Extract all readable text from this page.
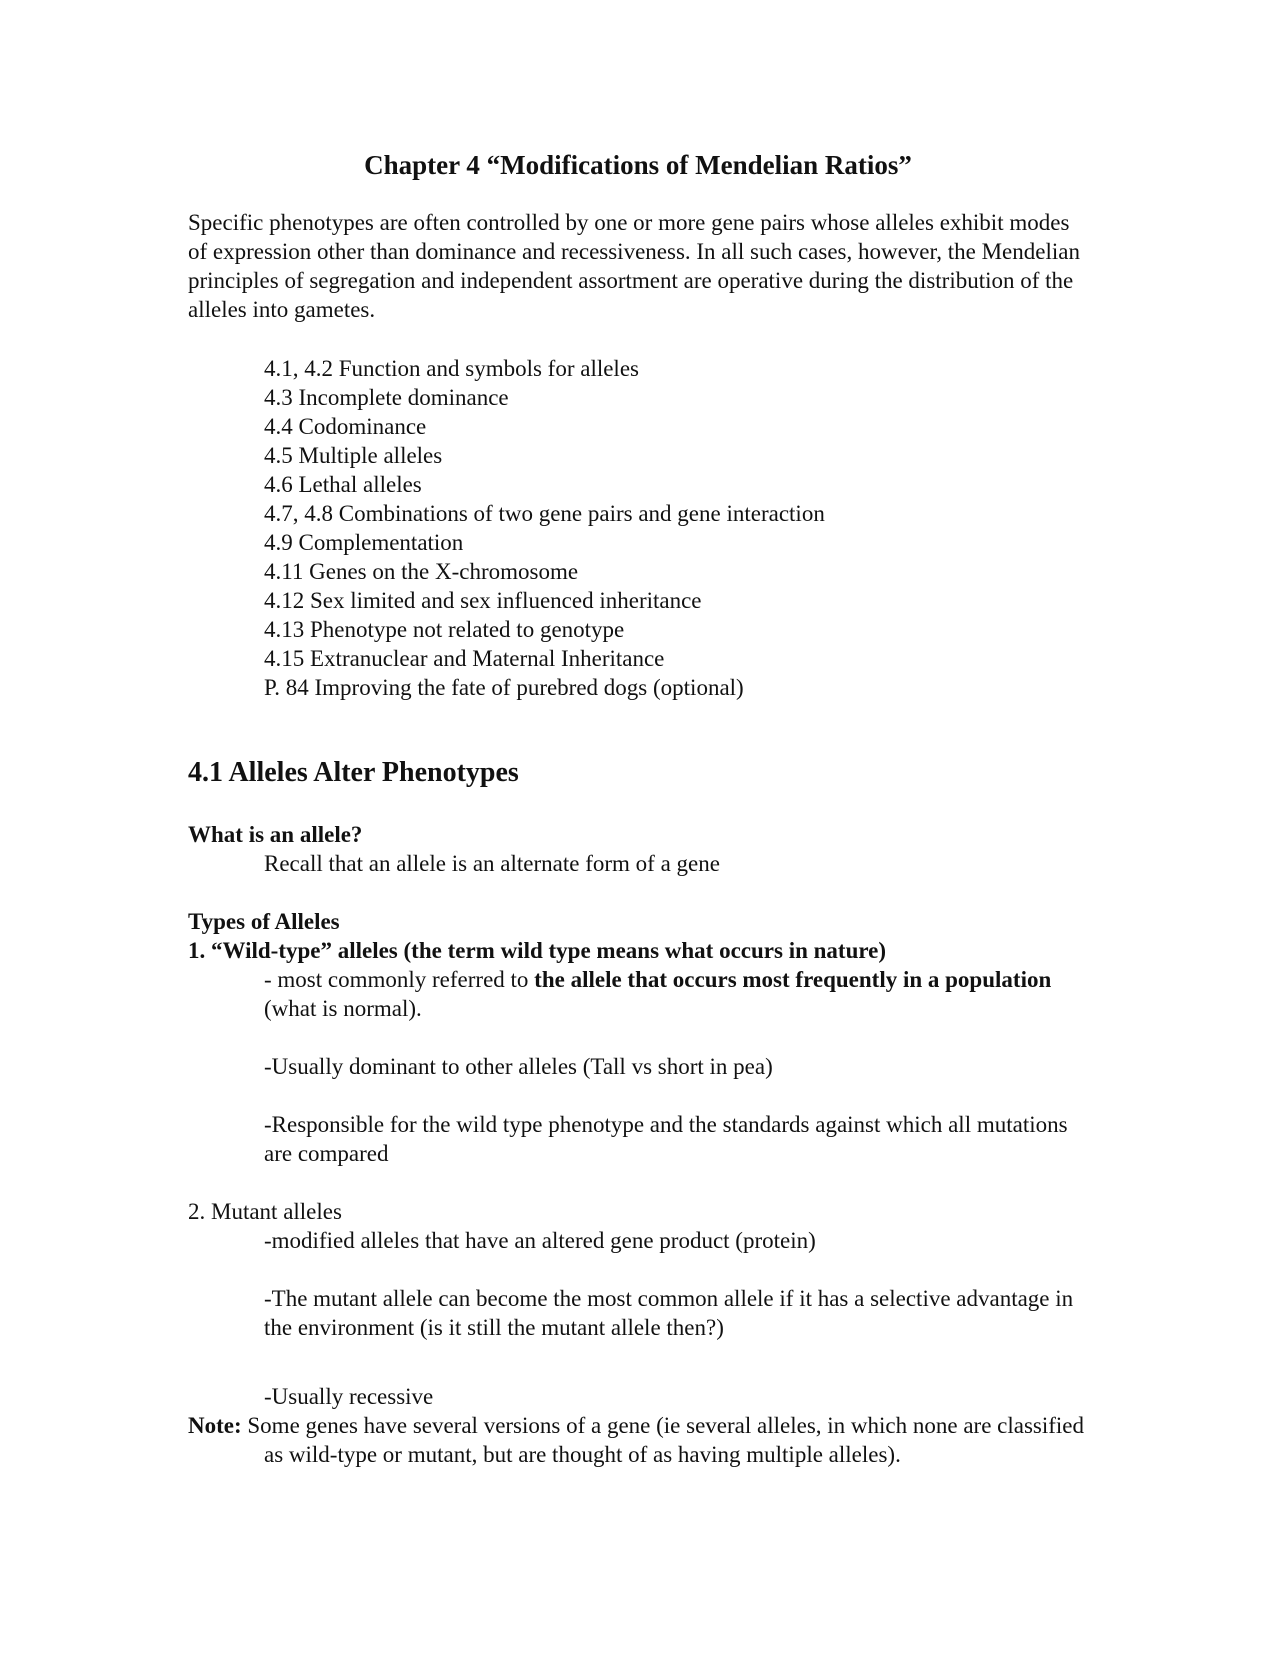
Chapter 4 “Modifications of Mendelian Ratios”

Specific phenotypes are often controlled by one or more gene pairs whose alleles exhibit modes of expression other than dominance and recessiveness. In all such cases, however, the Mendelian principles of segregation and independent assortment are operative during the distribution of the alleles into gametes.

4.1, 4.2 Function and symbols for alleles
4.3 Incomplete dominance
4.4 Codominance
4.5 Multiple alleles
4.6 Lethal alleles
4.7, 4.8 Combinations of two gene pairs and gene interaction
4.9 Complementation
4.11 Genes on the X-chromosome
4.12 Sex limited and sex influenced inheritance
4.13 Phenotype not related to genotype
4.15 Extranuclear and Maternal Inheritance
P. 84 Improving the fate of purebred dogs (optional)
4.1 Alleles Alter Phenotypes

What is an allele?

Recall that an allele is an alternate form of a gene

Types of Alleles

1. “Wild-type” alleles (the term wild type means what occurs in nature)

- most commonly referred to the allele that occurs most frequently in a population (what is normal).

-Usually dominant to other alleles (Tall vs short in pea)

-Responsible for the wild type phenotype and the standards against which all mutations are compared

2. Mutant alleles

-modified alleles that have an altered gene product (protein)

-The mutant allele can become the most common allele if it has a selective advantage in the environment (is it still the mutant allele then?)

-Usually recessive

Note: Some genes have several versions of a gene (ie several alleles, in which none are classified as wild-type or mutant, but are thought of as having multiple alleles).
